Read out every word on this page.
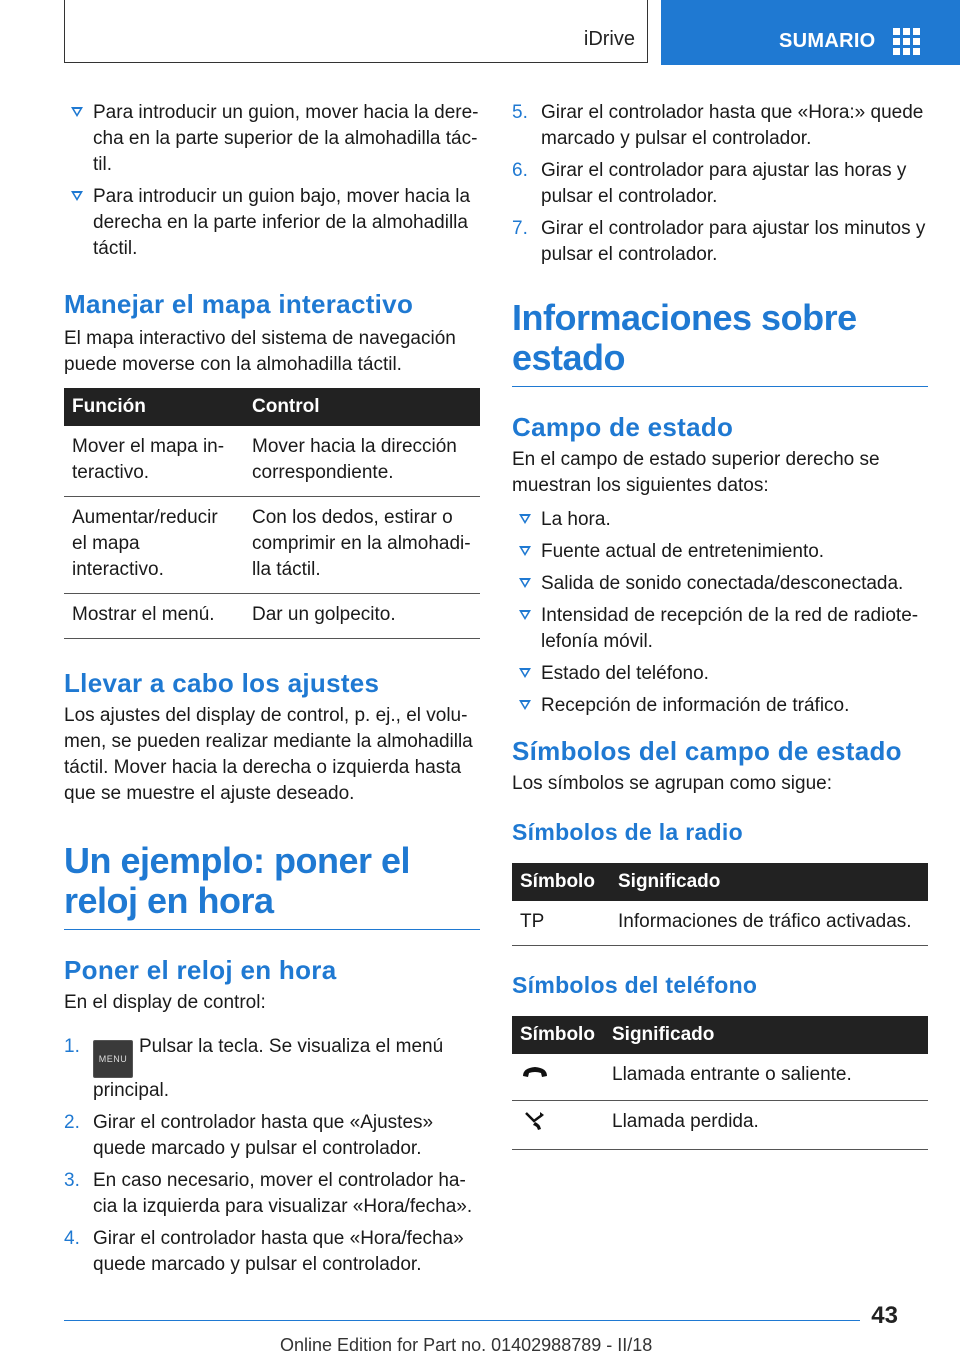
iDrive	SUMARIO
Para introducir un guion, mover hacia la derecha en la parte superior de la almohadilla táctil.
Para introducir un guion bajo, mover hacia la derecha en la parte inferior de la almohadilla táctil.
Manejar el mapa interactivo

El mapa interactivo del sistema de navegación puede moverse con la almohadilla táctil.

Función	Control
Mover el mapa interactivo.	Mover hacia la dirección correspondiente.
Aumentar/reducir el mapa interactivo.	Con los dedos, estirar o comprimir en la almohadilla táctil.
Mostrar el menú.	Dar un golpecito.
Llevar a cabo los ajustes

Los ajustes del display de control, p. ej., el volumen, se pueden realizar mediante la almohadilla táctil. Mover hacia la derecha o izquierda hasta que se muestre el ajuste deseado.

Un ejemplo: poner el reloj en hora
Poner el reloj en hora

En el display de control:

1.
MENUPulsar la tecla. Se visualiza el menú principal.
2. Girar el controlador hasta que «Ajustes» quede marcado y pulsar el controlador.
3. En caso necesario, mover el controlador hacia la izquierda para visualizar «Hora/fecha».
4. Girar el controlador hasta que «Hora/fecha» quede marcado y pulsar el controlador.
5. Girar el controlador hasta que «Hora:» quede marcado y pulsar el controlador.
6. Girar el controlador para ajustar las horas y pulsar el controlador.
7. Girar el controlador para ajustar los minutos y pulsar el controlador.
Informaciones sobre estado
Campo de estado

En el campo de estado superior derecho se muestran los siguientes datos:

La hora.
Fuente actual de entretenimiento.
Salida de sonido conectada/desconectada.
Intensidad de recepción de la red de radiotelefonía móvil.
Estado del teléfono.
Recepción de información de tráfico.
Símbolos del campo de estado

Los símbolos se agrupan como sigue:

Símbolos de la radio
Símbolo	Significado
TP	Informaciones de tráfico activadas.
Símbolos del teléfono
Símbolo	Significado
	Llamada entrante o saliente.
	Llamada perdida.
43
Online Edition for Part no. 01402988789 - II/18
